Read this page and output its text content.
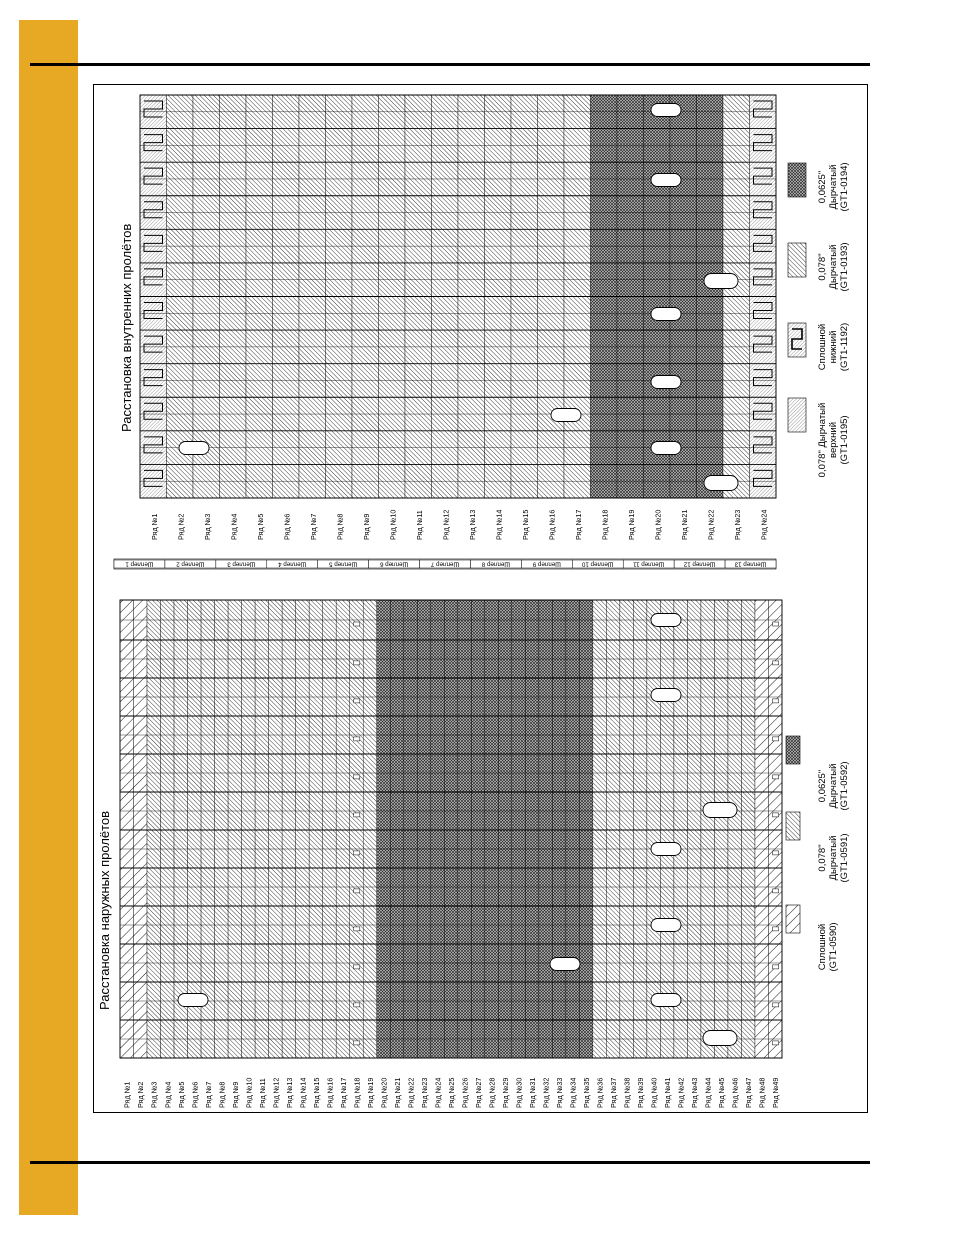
Расстановка наружных пролётов
Расстановка внутренних пролётов
Ряд №1 Ряд №2 Ряд №3 Ряд №4 Ряд №5 Ряд №6 Ряд №7 Ряд №8 Ряд №9 Ряд №10 Ряд №11 Ряд №12 Ряд №13 Ряд №14 Ряд №15 Ряд №16 Ряд №17 Ряд №18 Ряд №19 Ряд №20 Ряд №21 Ряд №22 Ряд №23 Ряд №24 Ряд №25 Ряд №26 Ряд №27 Ряд №28 Ряд №29 Ряд №30 Ряд №31 Ряд №32 Ряд №33 Ряд №34 Ряд №35 Ряд №36 Ряд №37 Ряд №38 Ряд №39 Ряд №40 Ряд №41 Ряд №42 Ряд №43 Ряд №44 Ряд №45 Ряд №46 Ряд №47 Ряд №48 Ряд №49
Ряд №1 Ряд №2 Ряд №3 Ряд №4 Ряд №5 Ряд №6 Ряд №7 Ряд №8 Ряд №9 Ряд №10 Ряд №11 Ряд №12 Ряд №13 Ряд №14 Ряд №15 Ряд №16 Ряд №17 Ряд №18 Ряд №19 Ряд №20 Ряд №21 Ряд №22 Ряд №23 Ряд №24
Шеплер 1	Шеплер 2	Шеплер 3	Шеплер 4	Шеплер 5	Шеплер 6	Шеплер 7	Шеплер 8	Шеплер 9	Шеплер 10	Шеплер 11	Шеплер 12	Шеплер 13
Сплошной (GT1-0590)
0,078" Дырчатый (GT1-0591)
0,0625" Дырчатый (GT1-0592)
0,078" Дырчатый верхний (GT1-0195)
Сплошной нижний (GT1-1192)
0,078" Дырчатый (GT1-0193)
0,0625" Дырчатый (GT1-0194)
